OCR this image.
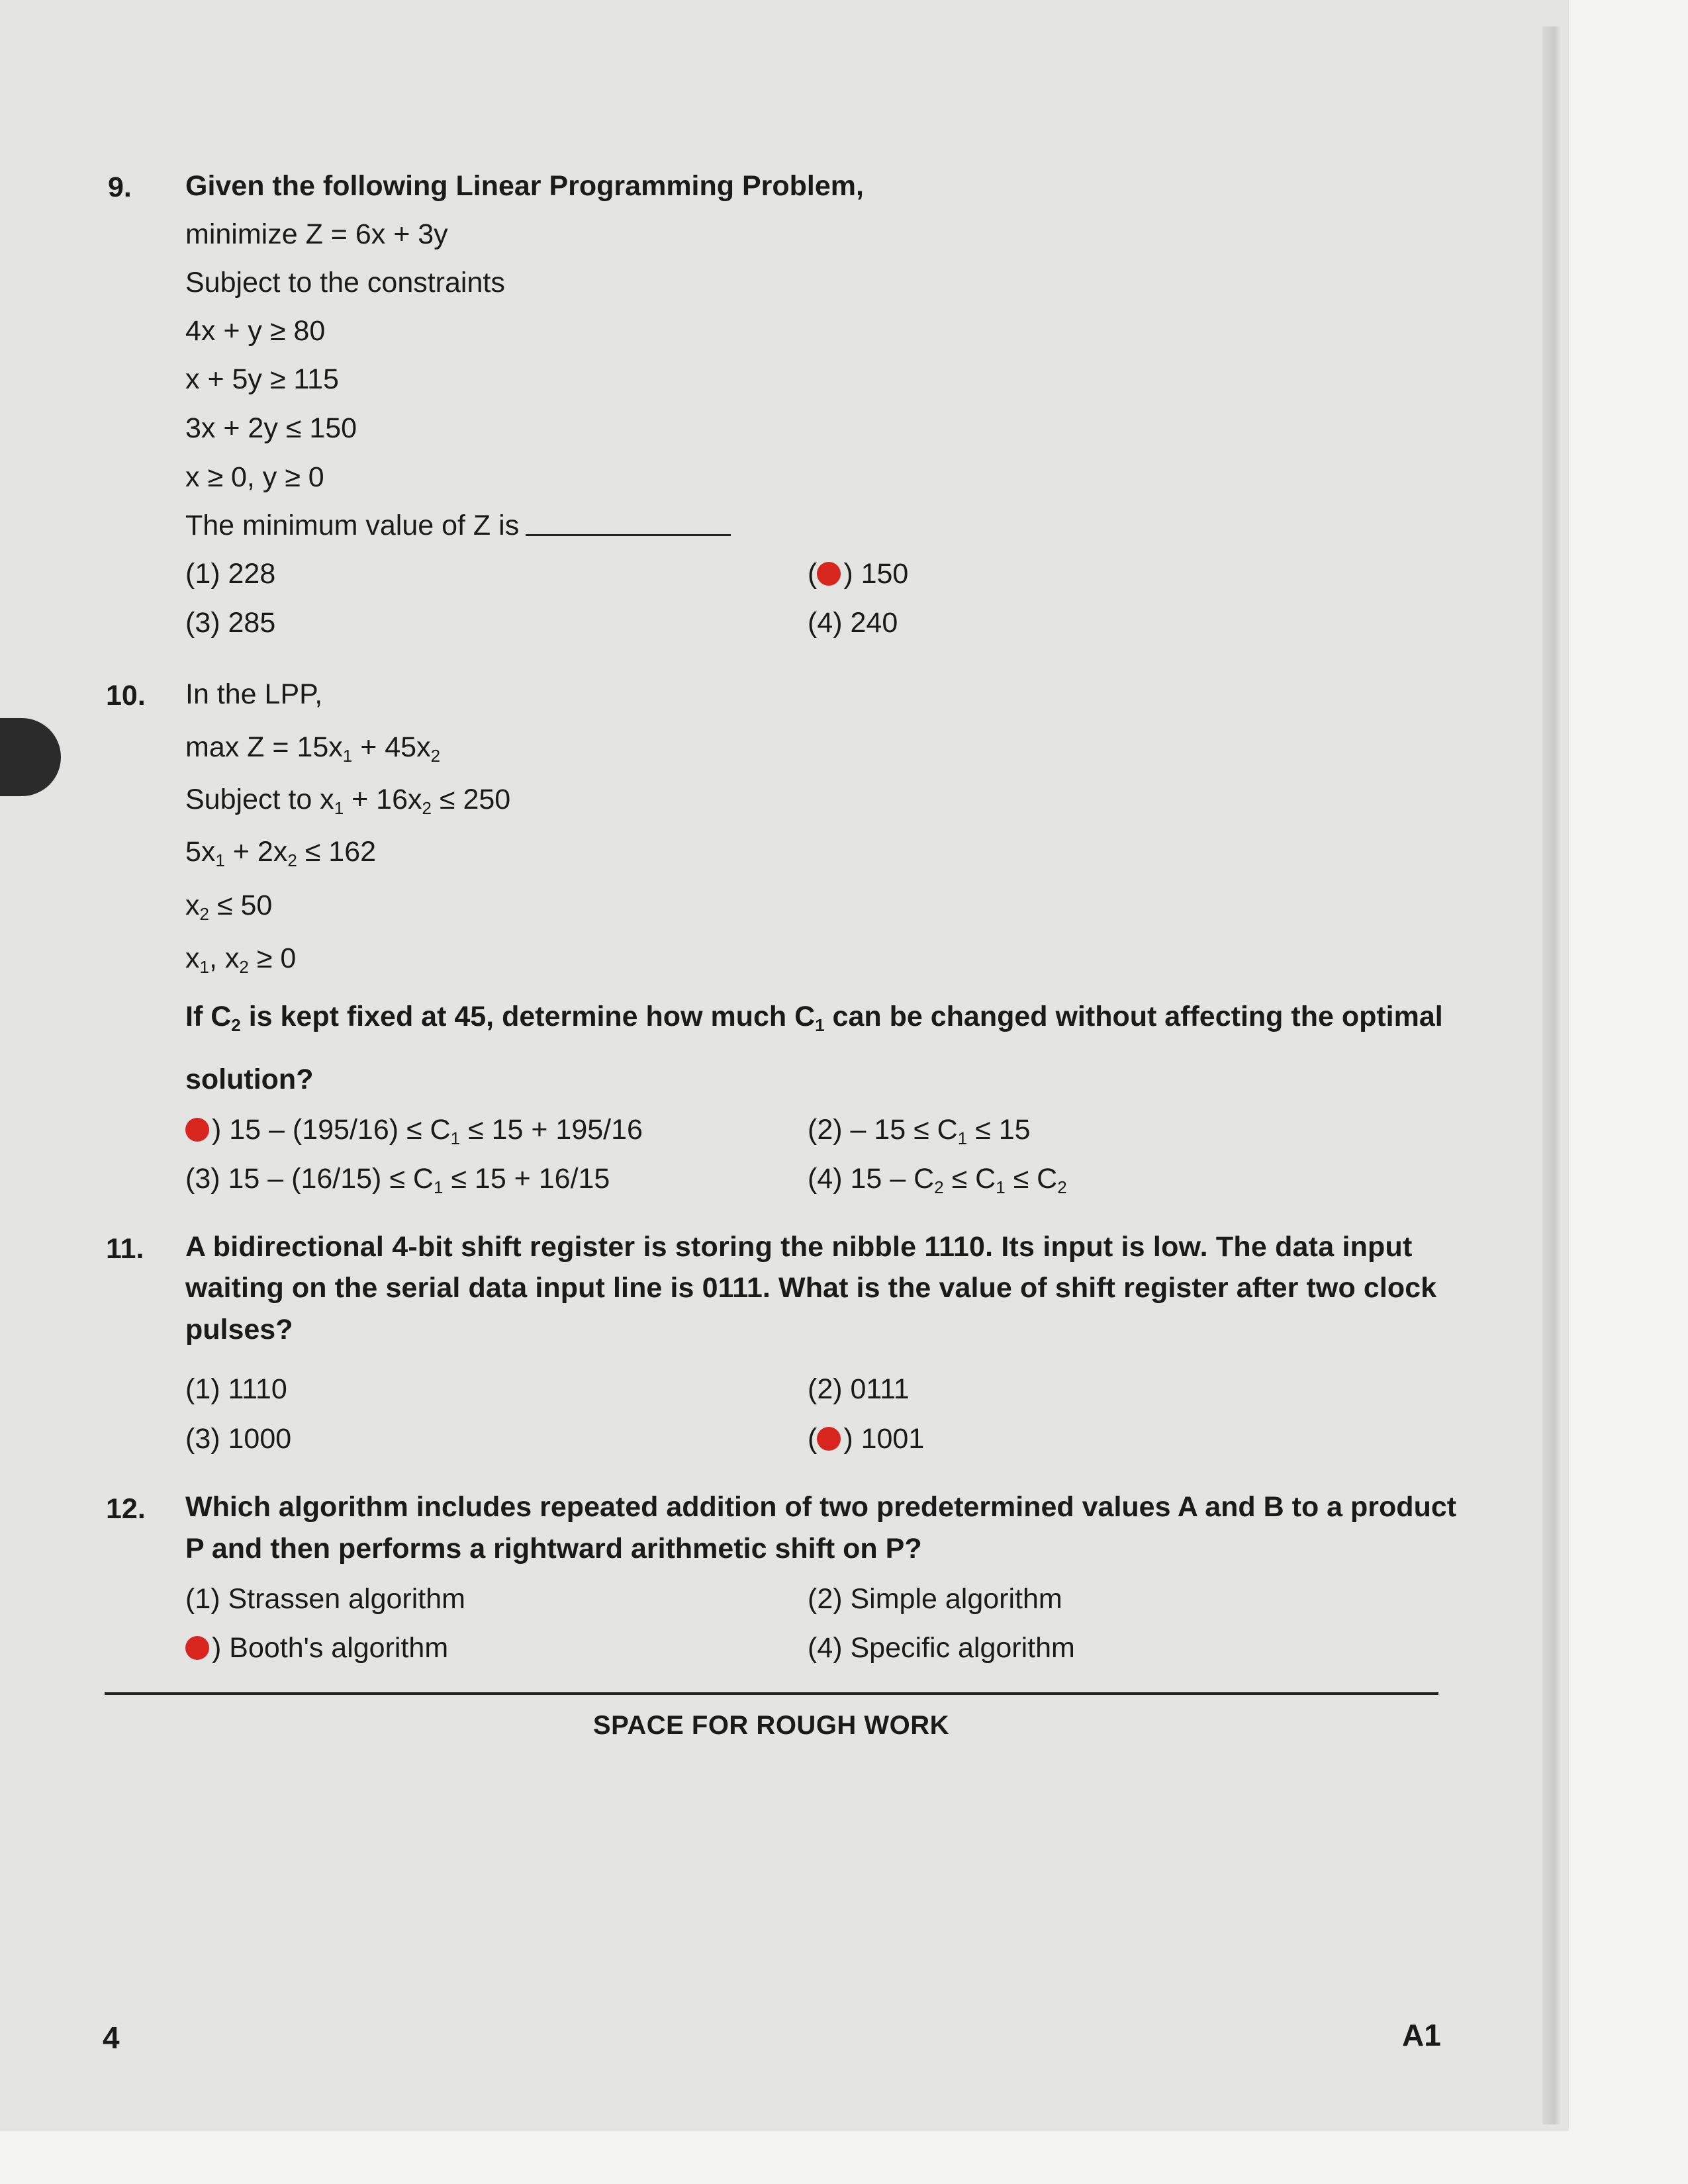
9. Given the following Linear Programming Problem,
minimize Z = 6x + 3y
Subject to the constraints
4x + y ≥ 80
x + 5y ≥ 115
3x + 2y ≤ 150
x ≥ 0, y ≥ 0
The minimum value of Z is
(1) 228	( ) 150
(3) 285	(4) 240
10. In the LPP,
$\max Z = 15x_1 + 45x_2$
Subject to $x_1 + 16x_2 \le 250$
$5x_1 + 2x_2 \le 162$
$x_2 \le 50$
$x_1$, $x_2 \ge 0$
If $C_2$ is kept fixed at 45, determine how much $C_1$ can be changed without affecting the optimal
solution?
) $15 - (195/16) \le C_1 \le 15 + 195/16$	$(2) - 15 \le C_1 \le 15$
(3) $15 - (16/15) \le C_1 \le 15 + 16/15$	(4) $15 - C_2 \le C_1 \le C_2$
11. A bidirectional 4-bit shift register is storing the nibble 1110. Its input is low. The data input
waiting on the serial data input line is 0111. What is the value of shift register after two clock
pulses?
(1) 1110	(2) 0111
(3) 1000	( ) 1001
12. Which algorithm includes repeated addition of two predetermined values A and B to a product
P and then performs a rightward arithmetic shift on P?
(1) Strassen algorithm	(2) Simple algorithm
) Booth's algorithm	(4) Specific algorithm
SPACE FOR ROUGH WORK
4	A1
